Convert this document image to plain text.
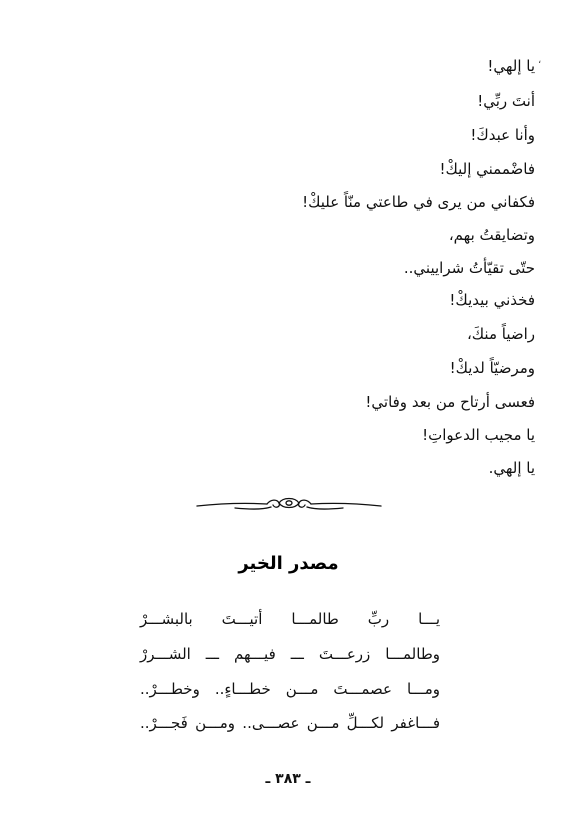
،
يا إلهي!
أنتَ ربِّي!
وأنا عبدكَ!
فاضْممني إليكْ!
فكفاني من يرى في طاعتي منّاً عليكْ!
وتضايقتُ بهم،
حتّى تقيّأتُ شراييني..
فخذني بيديكْ!
راضياً منكَ،
ومرضيّاً لديكْ!
فعسى أرتاح من بعد وفاتي!
يا مجيب الدعواتِ!
يا إلهي.
مصدر الخير
يـــا ربِّ طالمـــا أتيـــتَ بالبشـــرْ
وطالمـــا زرعـــتَ ـــ فيـــهم ـــ الشـــررْ
ومـــا عصمـــتَ مـــن خطـــاءٍ.. وخطـــرْ..
فـــاغفر لكـــلِّ مـــن عصـــى.. ومـــن فَجـــرْ..
ـ ٣٨٣ ـ
